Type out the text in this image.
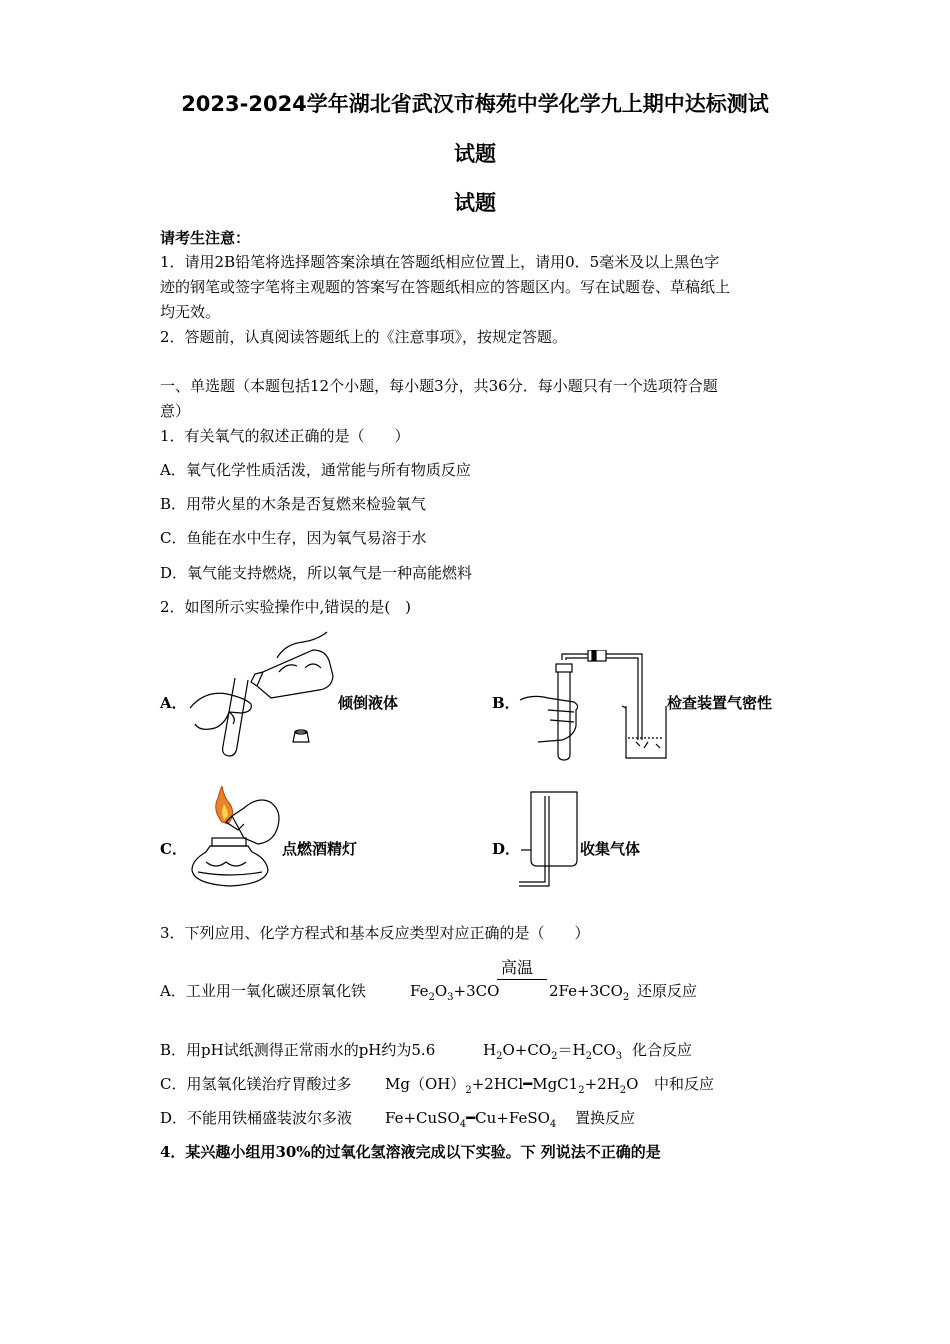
2023-2024学年湖北省武汉市梅苑中学化学九上期中达标测试
试题
试题
请考生注意：
1．请用2B铅笔将选择题答案涂填在答题纸相应位置上，请用0．5毫米及以上黑色字
迹的钢笔或签字笔将主观题的答案写在答题纸相应的答题区内。写在试题卷、草稿纸上
均无效。
2．答题前，认真阅读答题纸上的《注意事项》，按规定答题。
一、单选题（本题包括12个小题，每小题3分，共36分．每小题只有一个选项符合题
意）
1．有关氧气的叙述正确的是（　　）
A．氧气化学性质活泼，通常能与所有物质反应
B．用带火星的木条是否复燃来检验氧气
C．鱼能在水中生存，因为氧气易溶于水
D．氧气能支持燃烧，所以氧气是一种高能燃料
2．如图所示实验操作中,错误的是(　)
A．	倾倒液体	B．	检查装置气密性
C．	点燃酒精灯	D．	收集气体
3．下列应用、化学方程式和基本反应类型对应正确的是（　　）
A．工业用一氧化碳还原氧化铁	$Fe_2O_3+3CO$
高温
$2Fe+3CO_2$ 还原反应
B．用pH试纸测得正常雨水的pH约为5.6	$H_2O+CO_2=H_2CO_3$ 化合反应
C．用氢氧化镁治疗胃酸过多 $Mg(OH)_2+2HCl━MgC1_2+2H_2O$ 中和反应
D．不能用铁桶盛装波尔多液 Fe+CuSO$_4$━Cu+FeSO$_4$ 置换反应
4．某兴趣小组用30%的过氧化氢溶液完成以下实验。下 列说法不正确的是
